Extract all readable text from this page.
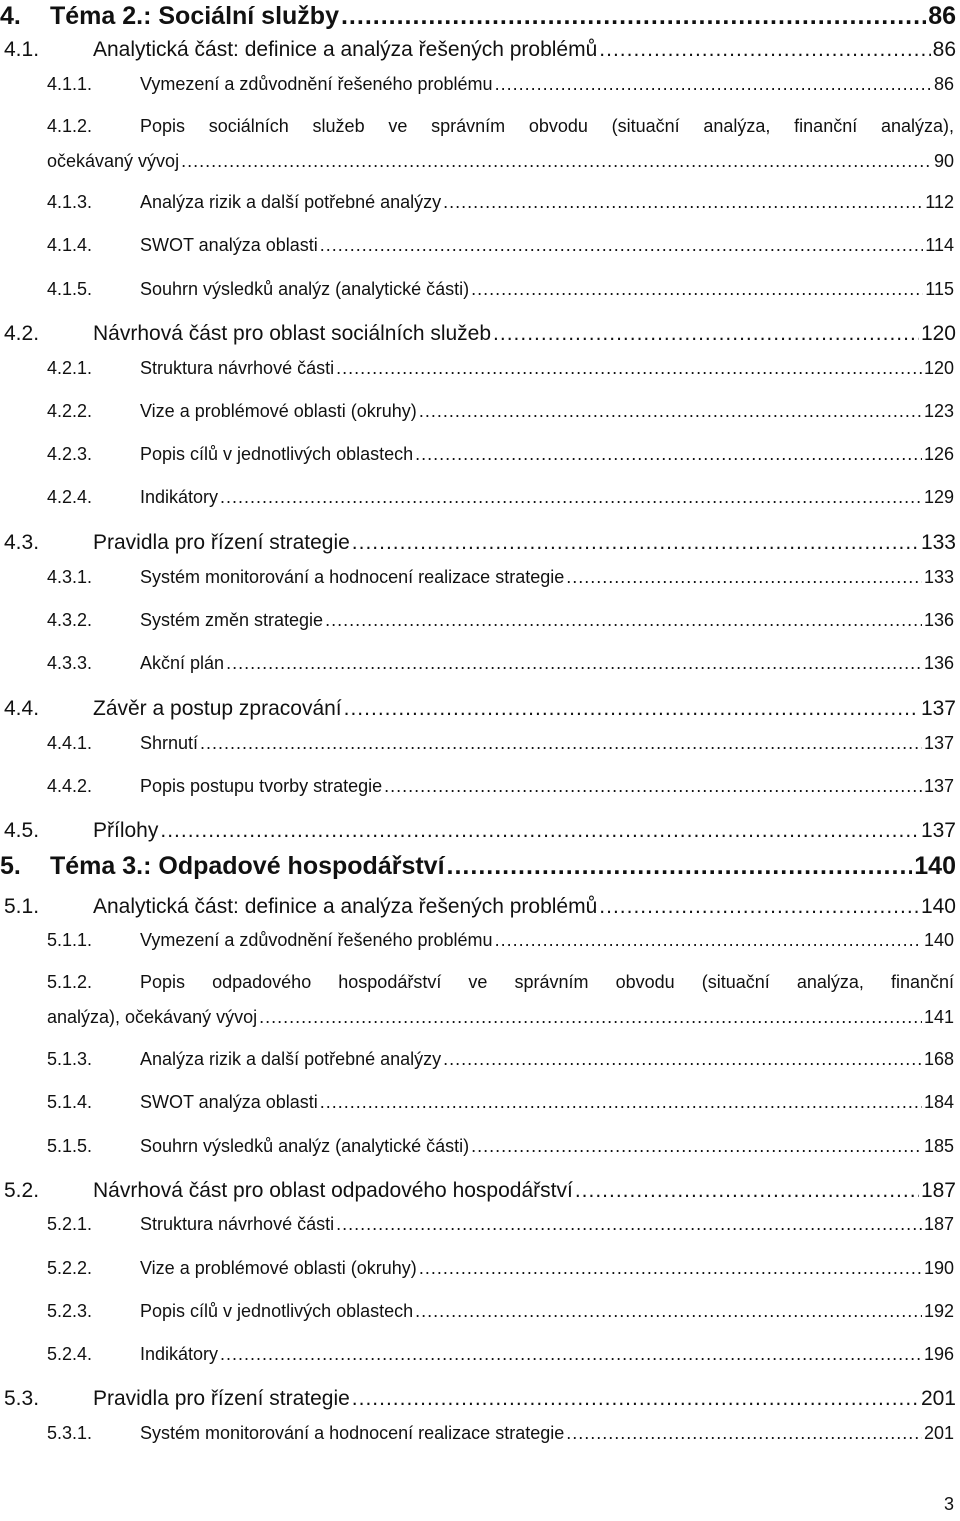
4.	Téma 2.: Sociální služby .....	86
4.1.	Analytická část: definice a analýza řešených problémů .....	86
4.1.1.	Vymezení a zdůvodnění řešeného problému .....	86
4.1.2.	Popis sociálních služeb ve správním obvodu (situační analýza, finanční analýza),
očekávaný vývoj .....	90
4.1.3.	Analýza rizik a další potřebné analýzy .....	112
4.1.4.	SWOT analýza oblasti .....	114
4.1.5.	Souhrn výsledků analýz (analytické části) .....	115
4.2.	Návrhová část pro oblast sociálních služeb .....	120
4.2.1.	Struktura návrhové části .....	120
4.2.2.	Vize a problémové oblasti (okruhy) .....	123
4.2.3.	Popis cílů v jednotlivých oblastech .....	126
4.2.4.	Indikátory .....	129
4.3.	Pravidla pro řízení strategie .....	133
4.3.1.	Systém monitorování a hodnocení realizace strategie .....	133
4.3.2.	Systém změn strategie .....	136
4.3.3.	Akční plán .....	136
4.4.	Závěr a postup zpracování .....	137
4.4.1.	Shrnutí .....	137
4.4.2.	Popis postupu tvorby strategie .....	137
4.5.	Přílohy .....	137
5.	Téma 3.: Odpadové hospodářství .....	140
5.1.	Analytická část: definice a analýza řešených problémů .....	140
5.1.1.	Vymezení a zdůvodnění řešeného problému .....	140
5.1.2.	Popis odpadového hospodářství ve správním obvodu (situační analýza, finanční
analýza), očekávaný vývoj .....	141
5.1.3.	Analýza rizik a další potřebné analýzy .....	168
5.1.4.	SWOT analýza oblasti .....	184
5.1.5.	Souhrn výsledků analýz (analytické části) .....	185
5.2.	Návrhová část pro oblast odpadového hospodářství .....	187
5.2.1.	Struktura návrhové části .....	187
5.2.2.	Vize a problémové oblasti (okruhy) .....	190
5.2.3.	Popis cílů v jednotlivých oblastech .....	192
5.2.4.	Indikátory .....	196
5.3.	Pravidla pro řízení strategie .....	201
5.3.1.	Systém monitorování a hodnocení realizace strategie .....	201
3
